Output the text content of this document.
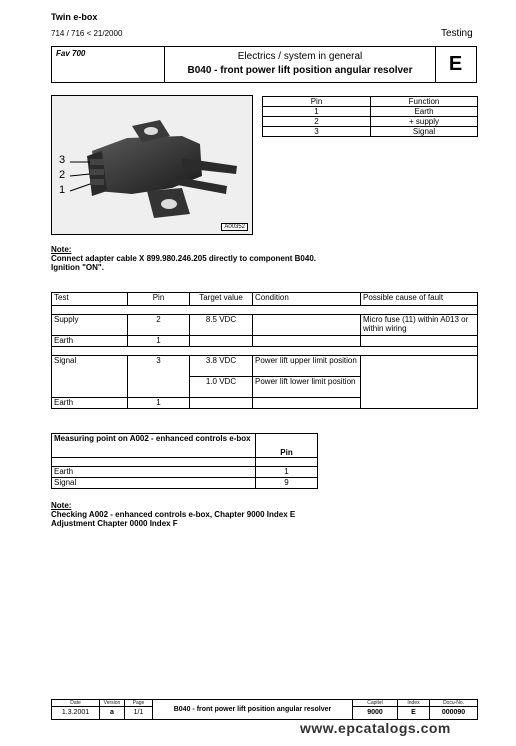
Twin e-box
714 / 716 < 21/2000	Testing
Fav 700	Electrics / system in general
B040 - front power lift position angular resolver	E
3
2
1
A00352
Pin	Function
1	Earth
2	+ supply
3	Signal
Note:
Connect adapter cable X 899.980.246.205 directly to component B040.
Ignition "ON".
Test	Pin	Target value	Condition	Possible cause of fault

Supply	2	8.5 VDC		Micro fuse (11) within A013 or within wiring
Earth	1			

Signal	3	3.8 VDC	Power lift upper limit position	
		1.0 VDC	Power lift lower limit position	
Earth	1			
Measuring point on A002 - enhanced controls e-box	Pin

Earth	1
Signal	9
Note:
Checking A002 - enhanced controls e-box, Chapter 9000 Index E
Adjustment Chapter 0000 Index F
Date	Version	Page	B040 - front power lift position angular resolver	Capitel	Index	Docu-No.
1.3.2001	a	1/1		9000	E	000090
www.epcatalogs.com
